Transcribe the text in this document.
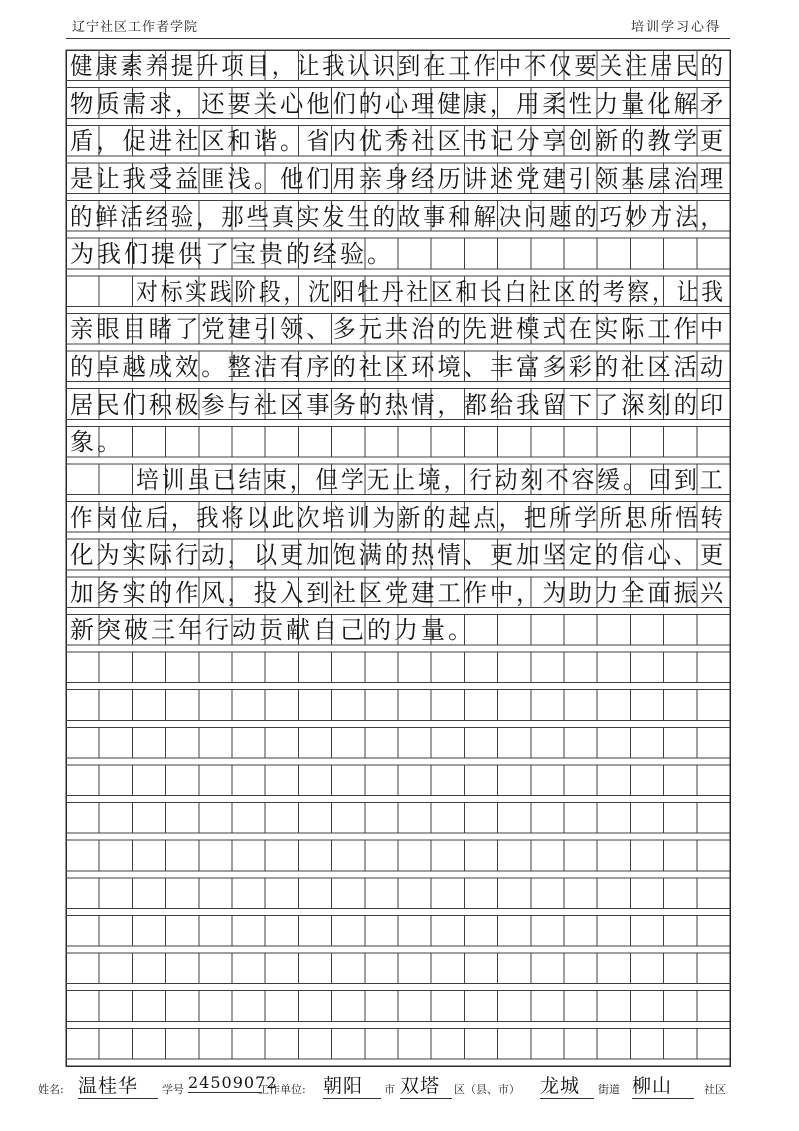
辽宁社区工作者学院	培训学习心得
健康素养提升项目，让我认识到在工作中不仅要关注居民的
物质需求，还要关心他们的心理健康，用柔性力量化解矛
盾，促进社区和谐。省内优秀社区书记分享创新的教学更
是让我受益匪浅。他们用亲身经历讲述党建引领基层治理
的鲜活经验，那些真实发生的故事和解决问题的巧妙方法，
为我们提供了宝贵的经验。
对标实践阶段，沈阳牡丹社区和长白社区的考察，让我
亲眼目睹了党建引领、多元共治的先进模式在实际工作中
的卓越成效。整洁有序的社区环境、丰富多彩的社区活动
居民们积极参与社区事务的热情，都给我留下了深刻的印
象。
培训虽已结束，但学无止境，行动刻不容缓。回到工
作岗位后，我将以此次培训为新的起点，把所学所思所悟转
化为实际行动，以更加饱满的热情、更加坚定的信心、更
加务实的作风，投入到社区党建工作中，为助力全面振兴
新突破三年行动贡献自己的力量。
姓名: 温桂华	学号 24509072
工作单位: 朝阳	市 双塔	区（县、市） 龙城	街道 柳山	社区
